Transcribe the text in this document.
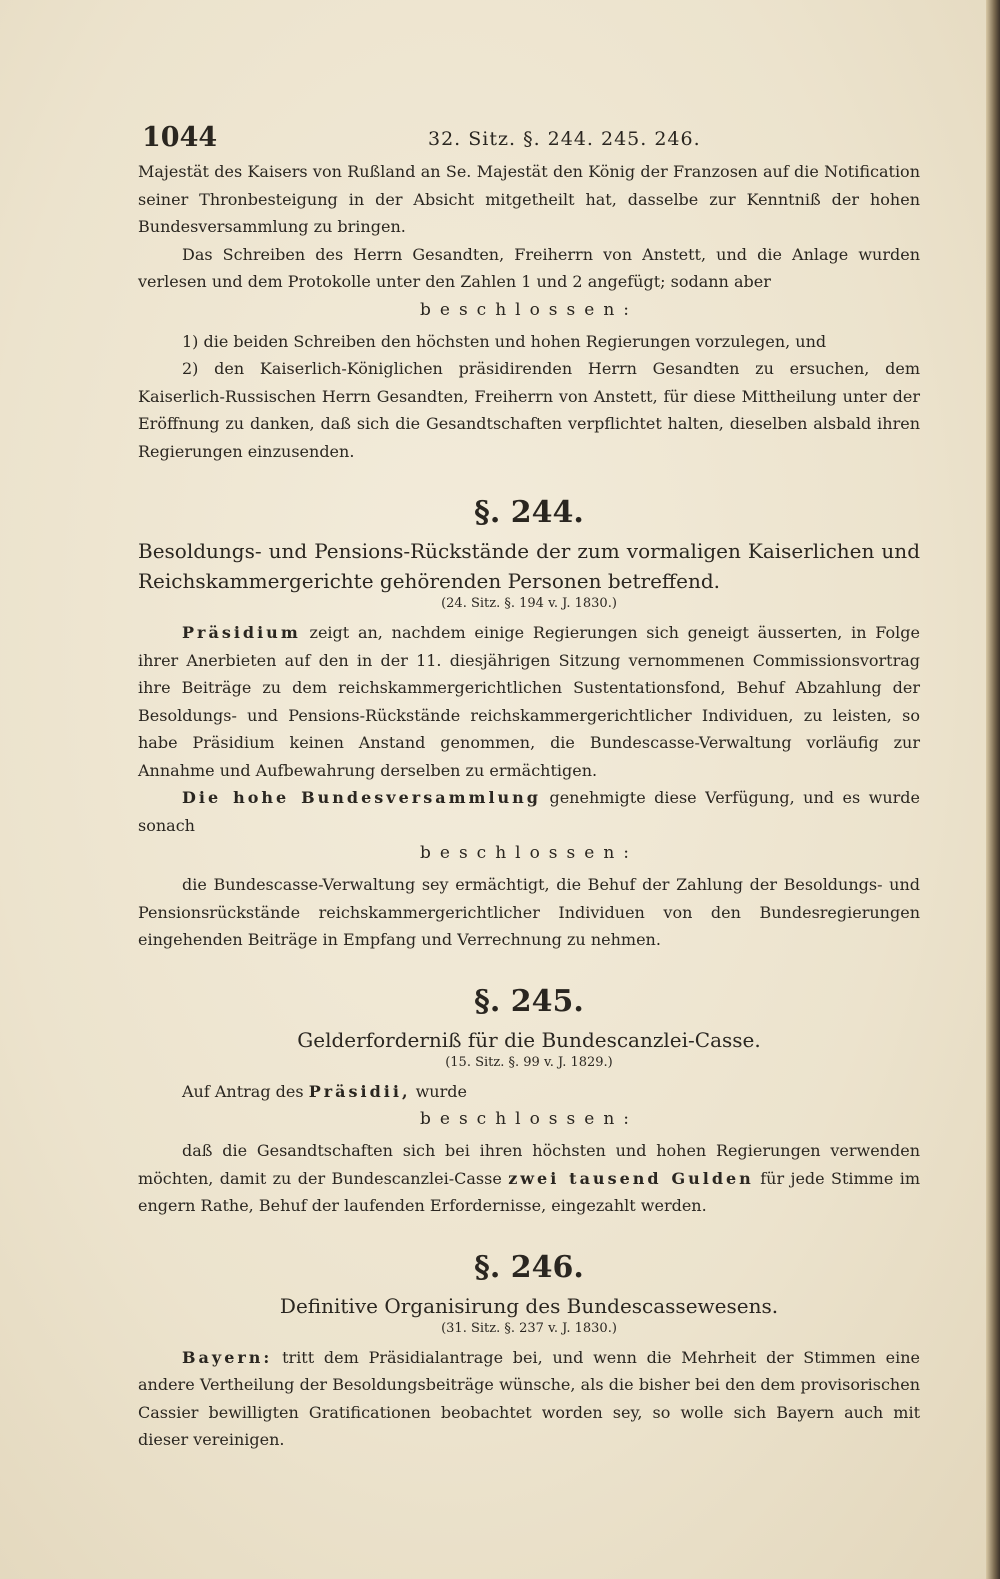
1044	32. Sitz. §. 244. 245. 246.

Majestät des Kaisers von Rußland an Se. Majestät den König der Franzosen auf die Notification seiner Thronbesteigung in der Absicht mitgetheilt hat, dasselbe zur Kenntniß der hohen Bundesversammlung zu bringen.

Das Schreiben des Herrn Gesandten, Freiherrn von Anstett, und die Anlage wurden verlesen und dem Protokolle unter den Zahlen 1 und 2 angefügt; sodann aber

beschlossen:

1) die beiden Schreiben den höchsten und hohen Regierungen vorzulegen, und

2) den Kaiserlich-Königlichen präsidirenden Herrn Gesandten zu ersuchen, dem Kaiserlich-Russischen Herrn Gesandten, Freiherrn von Anstett, für diese Mittheilung unter der Eröffnung zu danken, daß sich die Gesandtschaften verpflichtet halten, dieselben alsbald ihren Regierungen einzusenden.

§. 244.

Besoldungs- und Pensions-Rückstände der zum vormaligen Kaiserlichen und Reichskammergerichte gehörenden Personen betreffend.

(24. Sitz. §. 194 v. J. 1830.)

Präsidium zeigt an, nachdem einige Regierungen sich geneigt äusserten, in Folge ihrer Anerbieten auf den in der 11. diesjährigen Sitzung vernommenen Commissionsvortrag ihre Beiträge zu dem reichskammergerichtlichen Sustentationsfond, Behuf Abzahlung der Besoldungs- und Pensions-Rückstände reichskammergerichtlicher Individuen, zu leisten, so habe Präsidium keinen Anstand genommen, die Bundescasse-Verwaltung vorläufig zur Annahme und Aufbewahrung derselben zu ermächtigen.

Die hohe Bundesversammlung genehmigte diese Verfügung, und es wurde sonach

beschlossen:

die Bundescasse-Verwaltung sey ermächtigt, die Behuf der Zahlung der Besoldungs- und Pensionsrückstände reichskammergerichtlicher Individuen von den Bundesregierungen eingehenden Beiträge in Empfang und Verrechnung zu nehmen.

§. 245.

Gelderforderniß für die Bundescanzlei-Casse.

(15. Sitz. §. 99 v. J. 1829.)

Auf Antrag des Präsidii, wurde

beschlossen:

daß die Gesandtschaften sich bei ihren höchsten und hohen Regierungen verwenden möchten, damit zu der Bundescanzlei-Casse zwei tausend Gulden für jede Stimme im engern Rathe, Behuf der laufenden Erfordernisse, eingezahlt werden.

§. 246.

Definitive Organisirung des Bundescassewesens.

(31. Sitz. §. 237 v. J. 1830.)

Bayern: tritt dem Präsidialantrage bei, und wenn die Mehrheit der Stimmen eine andere Vertheilung der Besoldungsbeiträge wünsche, als die bisher bei den dem provisorischen Cassier bewilligten Gratificationen beobachtet worden sey, so wolle sich Bayern auch mit dieser vereinigen.
